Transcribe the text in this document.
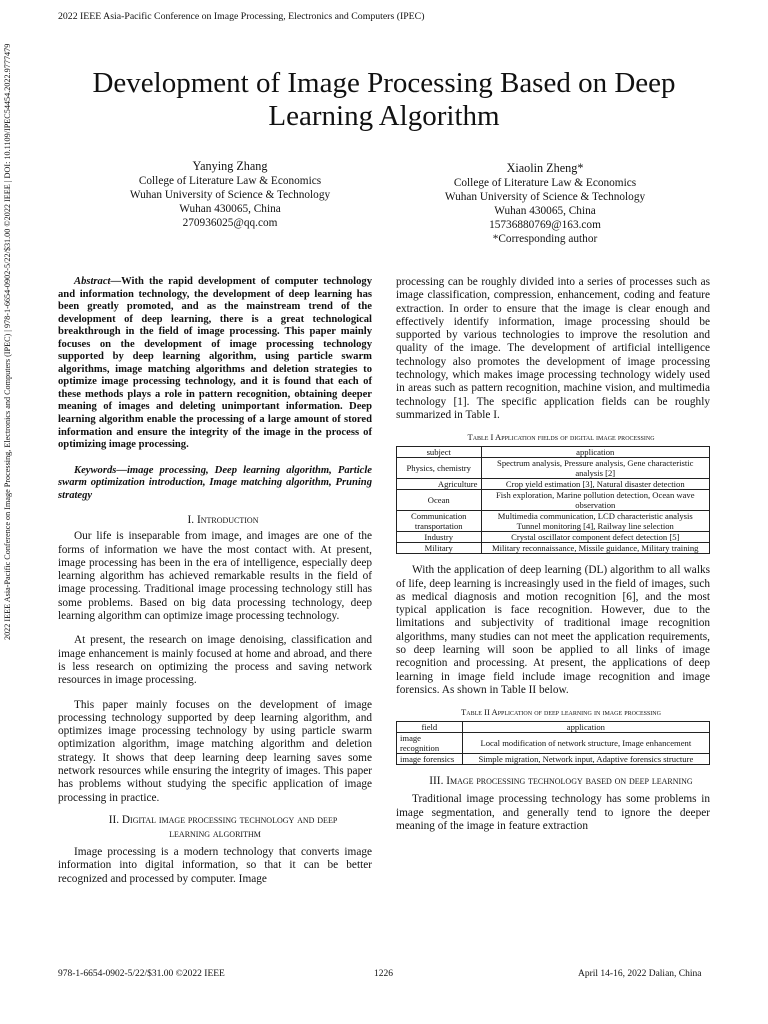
2022 IEEE Asia-Pacific Conference on Image Processing, Electronics and Computers (IPEC)
2022 IEEE Asia-Pacific Conference on Image Processing, Electronics and Computers (IPEC) | 978-1-6654-0902-5/22/$31.00 ©2022 IEEE | DOI: 10.1109/IPEC54454.2022.9777479	Development of Image Processing Based on Deep Learning Algorithm
Yanying Zhang
College of Literature Law & Economics
Wuhan University of Science & Technology
Wuhan 430065, China
270936025@qq.com
Xiaolin Zheng*
College of Literature Law & Economics
Wuhan University of Science & Technology
Wuhan 430065, China
15736880769@163.com
*Corresponding author
Abstract—With the rapid development of computer technology and information technology, the development of deep learning has been greatly promoted, and as the mainstream trend of the development of deep learning, there is a great technological breakthrough in the field of image processing. This paper mainly focuses on the development of image processing technology supported by deep learning algorithm, using particle swarm algorithms, image matching algorithms and deletion strategies to optimize image processing technology, and it is found that each of these methods plays a role in pattern recognition, obtaining deeper meaning of images and deleting unimportant information. Deep learning algorithm enable the processing of a large amount of stored information and ensure the integrity of the image in the process of optimizing image processing.
Keywords—image processing, Deep learning algorithm, Particle swarm optimization introduction, Image matching algorithm, Pruning strategy

I. Introduction

Our life is inseparable from image, and images are one of the forms of information we have the most contact with. At present, image processing has been in the era of intelligence, especially deep learning algorithm has achieved remarkable results in the field of image processing. Traditional image processing technology still has some problems. Based on big data processing technology, deep learning algorithm can optimize image processing technology.

At present, the research on image denoising, classification and image enhancement is mainly focused at home and abroad, and there is less research on optimizing the process and saving network resources in image processing.

This paper mainly focuses on the development of image processing technology supported by deep learning algorithm, and optimizes image processing technology by using particle swarm optimization algorithm, image matching algorithm and deletion strategy. It shows that deep learning deep learning saves some network resources while ensuring the integrity of images. This paper has problems without studying the specific application of image processing in practice.

II. Digital image processing technology and deep learning algorithm

Image processing is a modern technology that converts image information into digital information, so that it can be better recognized and processed by computer. Image

processing can be roughly divided into a series of processes such as image classification, compression, enhancement, coding and feature extraction. In order to ensure that the image is clear enough and effectively identify information, image processing should be supported by various technologies to improve the resolution and quality of the image. The development of artificial intelligence technology also promotes the development of image processing technology, which makes image processing technology widely used in areas such as pattern recognition, machine vision, and multimedia technology [1]. The specific application fields can be roughly summarized in Table I.

Table I Application fields of digital image processing

subject	application
Physics, chemistry	Spectrum analysis, Pressure analysis, Gene characteristic analysis [2]
Agriculture	Crop yield estimation [3], Natural disaster detection
Ocean	Fish exploration, Marine pollution detection, Ocean wave observation
Communication transportation	Multimedia communication, LCD characteristic analysis
Tunnel monitoring [4], Railway line selection

Industry	Crystal oscillator component defect detection [5]
Military	Military reconnaissance, Missile guidance, Military training

With the application of deep learning (DL) algorithm to all walks of life, deep learning is increasingly used in the field of images, such as medical diagnosis and motion recognition [6], and the most typical application is face recognition. However, due to the limitations and subjectivity of traditional image recognition algorithms, many studies can not meet the application requirements, so deep learning will soon be applied to all links of image recognition and processing. At present, the applications of deep learning in image field include image recognition and image forensics. As shown in Table II below.

Table II Application of deep learning in image processing

field	application
image recognition	Local modification of network structure, Image enhancement
image forensics	Simple migration, Network input, Adaptive forensics structure

III. Image processing technology based on deep learning

Traditional image processing technology has some problems in image segmentation, and generally tend to ignore the deeper meaning of the image in feature extraction

978-1-6654-0902-5/22/$31.00 ©2022 IEEE	1226	April 14-16, 2022 Dalian, China
